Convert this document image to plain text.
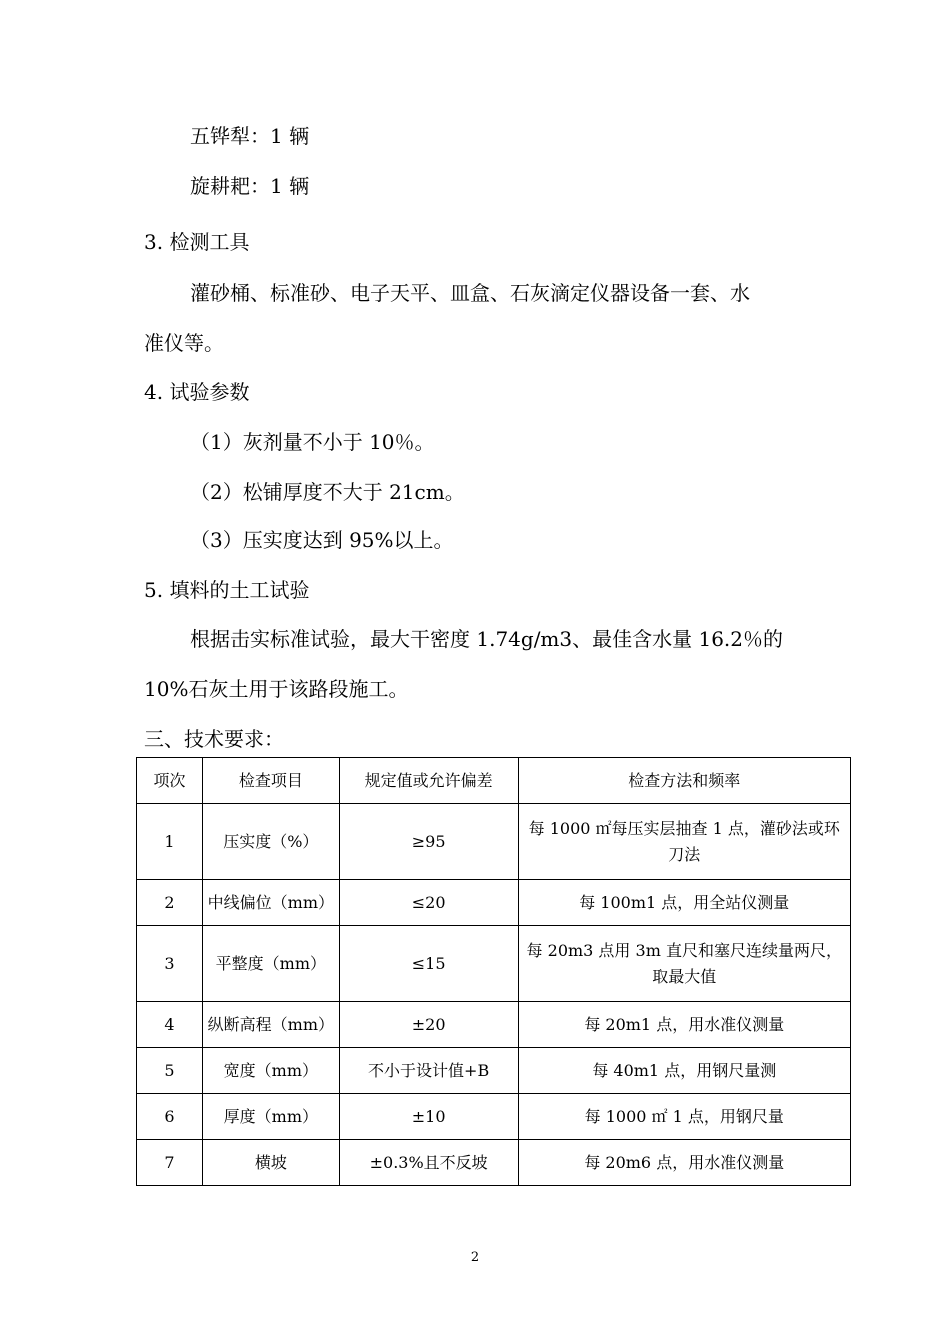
五铧犁：1 辆
旋耕耙：1 辆
3. 检测工具
灌砂桶、标准砂、电子天平、皿盒、石灰滴定仪器设备一套、水
准仪等。
4. 试验参数
（1）灰剂量不小于 10％。
（2）松铺厚度不大于 21cm。
（3）压实度达到 95%以上。
5. 填料的土工试验
根据击实标准试验，最大干密度 1.74g/m3、最佳含水量 16.2％的
10%石灰土用于该路段施工。
三、技术要求：
项次	检查项目	规定值或允许偏差	检查方法和频率
1	压实度（%）	≥95	每 1000 ㎡每压实层抽查 1 点，灌砂法或环刀法
2	中线偏位（mm）	≤20	每 100m1 点，用全站仪测量
3	平整度（mm）	≤15	每 20m3 点用 3m 直尺和塞尺连续量两尺，取最大值
4	纵断高程（mm）	±20	每 20m1 点，用水准仪测量
5	宽度（mm）	不小于设计值+B	每 40m1 点，用钢尺量测
6	厚度（mm）	±10	每 1000 ㎡ 1 点，用钢尺量
7	横坡	±0.3%且不反坡	每 20m6 点，用水准仪测量
2
